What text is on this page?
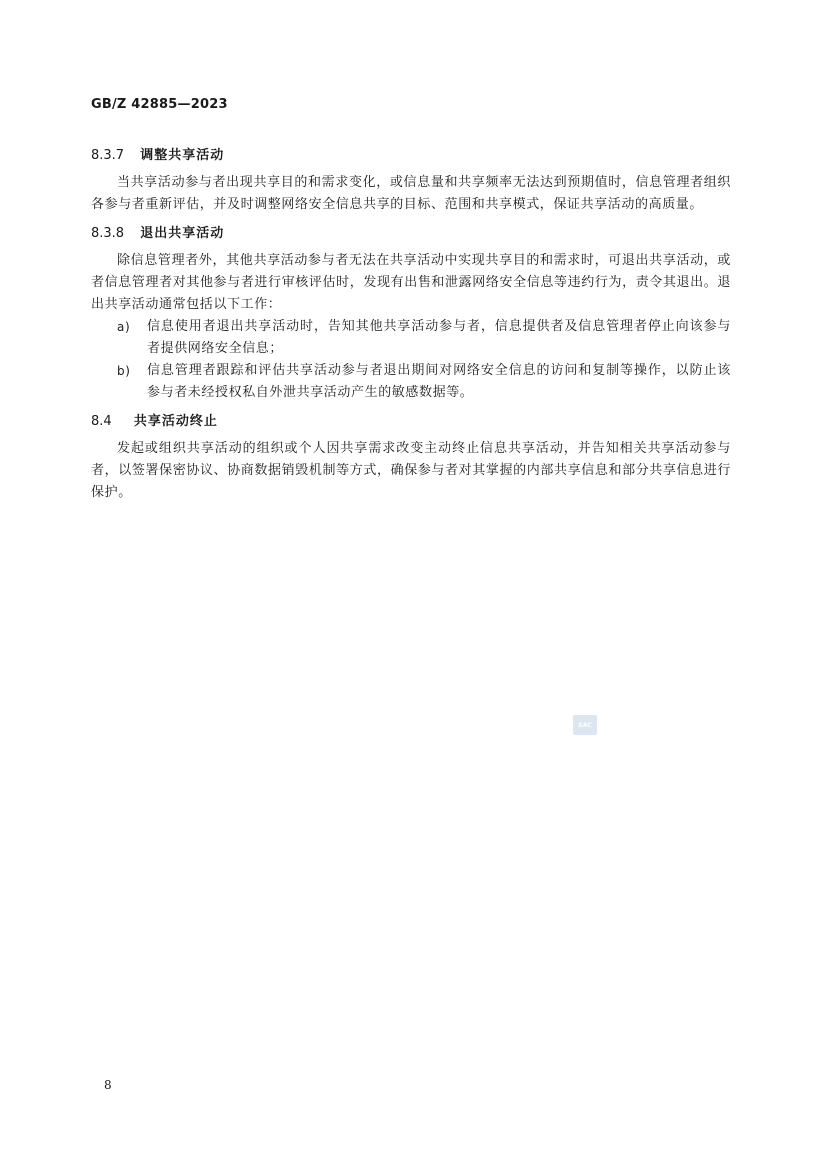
GB/Z 42885—2023
8.3.7 调整共享活动

当共享活动参与者出现共享目的和需求变化，或信息量和共享频率无法达到预期值时，信息管理者组织各参与者重新评估，并及时调整网络安全信息共享的目标、范围和共享模式，保证共享活动的高质量。

8.3.8 退出共享活动

除信息管理者外，其他共享活动参与者无法在共享活动中实现共享目的和需求时，可退出共享活动，或者信息管理者对其他参与者进行审核评估时，发现有出售和泄露网络安全信息等违约行为，责令其退出。退出共享活动通常包括以下工作：

a) 信息使用者退出共享活动时，告知其他共享活动参与者，信息提供者及信息管理者停止向该参与者提供网络安全信息；

b) 信息管理者跟踪和评估共享活动参与者退出期间对网络安全信息的访问和复制等操作，以防止该参与者未经授权私自外泄共享活动产生的敏感数据等。

8.4 共享活动终止

发起或组织共享活动的组织或个人因共享需求改变主动终止信息共享活动，并告知相关共享活动参与者，以签署保密协议、协商数据销毁机制等方式，确保参与者对其掌握的内部共享信息和部分共享信息进行保护。

SAC
8
